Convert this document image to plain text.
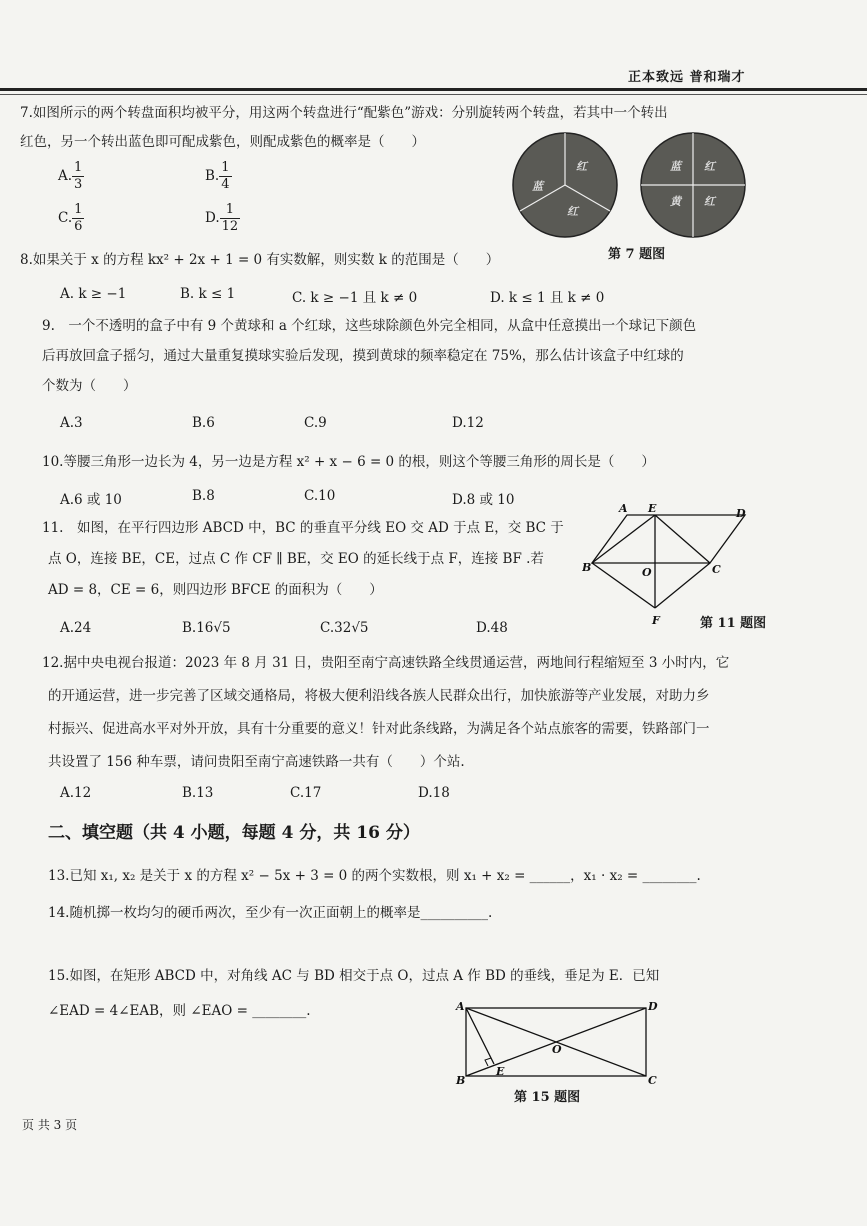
正本致远 普和瑞才
7.如图所示的两个转盘面积均被平分，用这两个转盘进行“配紫色”游戏：分别旋转两个转盘，若其中一个转出
红色，另一个转出蓝色即可配成紫色，则配成紫色的概率是（　　）
A. $\frac{1}{3}$	B. $\frac{1}{4}$
C. $\frac{1}{6}$	D. $\frac{1}{12}$
红
蓝
红
蓝 红
黄 红
第 7 题图
8.如果关于 x 的方程 kx² + 2x + 1 = 0 有实数解，则实数 k 的范围是（　　）
A. k ≥ −1	B. k ≤ 1	C. k ≥ −1 且 k ≠ 0	D. k ≤ 1 且 k ≠ 0
9.　一个不透明的盒子中有 9 个黄球和 a 个红球，这些球除颜色外完全相同，从盒中任意摸出一个球记下颜色
后再放回盒子摇匀，通过大量重复摸球实验后发现，摸到黄球的频率稳定在 75%，那么估计该盒子中红球的
个数为（　　）
A.3	B.6	C.9	D.12
10.等腰三角形一边长为 4，另一边是方程 x² + x − 6 = 0 的根，则这个等腰三角形的周长是（　　）
A.6 或 10	B.8	C.10	D.8 或 10
11.　如图，在平行四边形 ABCD 中，BC 的垂直平分线 EO 交 AD 于点 E，交 BC 于
点 O，连接 BE，CE，过点 C 作 CF ∥ BE，交 EO 的延长线于点 F，连接 BF .若
AD = 8，CE = 6，则四边形 BFCE 的面积为（　　）
A.24	B.16√5	C.32√5	D.48
A E	D
B	O	C
F	第 11 题图
12.据中央电视台报道：2023 年 8 月 31 日，贵阳至南宁高速铁路全线贯通运营，两地间行程缩短至 3 小时内，它
的开通运营，进一步完善了区域交通格局，将极大便利沿线各族人民群众出行，加快旅游等产业发展，对助力乡
村振兴、促进高水平对外开放，具有十分重要的意义！针对此条线路，为满足各个站点旅客的需要，铁路部门一
共设置了 156 种车票，请问贵阳至南宁高速铁路一共有（　　）个站.
A.12	B.13	C.17	D.18
二、填空题（共 4 小题，每题 4 分，共 16 分）
13.已知 x₁, x₂ 是关于 x 的方程 x² − 5x + 3 = 0 的两个实数根，则 x₁ + x₂ = ______，x₁ · x₂ = ________.
14.随机掷一枚均匀的硬币两次，至少有一次正面朝上的概率是__________.
15.如图，在矩形 ABCD 中，对角线 AC 与 BD 相交于点 O，过点 A 作 BD 的垂线，垂足为 E．已知
∠EAD = 4∠EAB，则 ∠EAO = ________.	A	D
O
B
E
C
第 15 题图
页 共 3 页
